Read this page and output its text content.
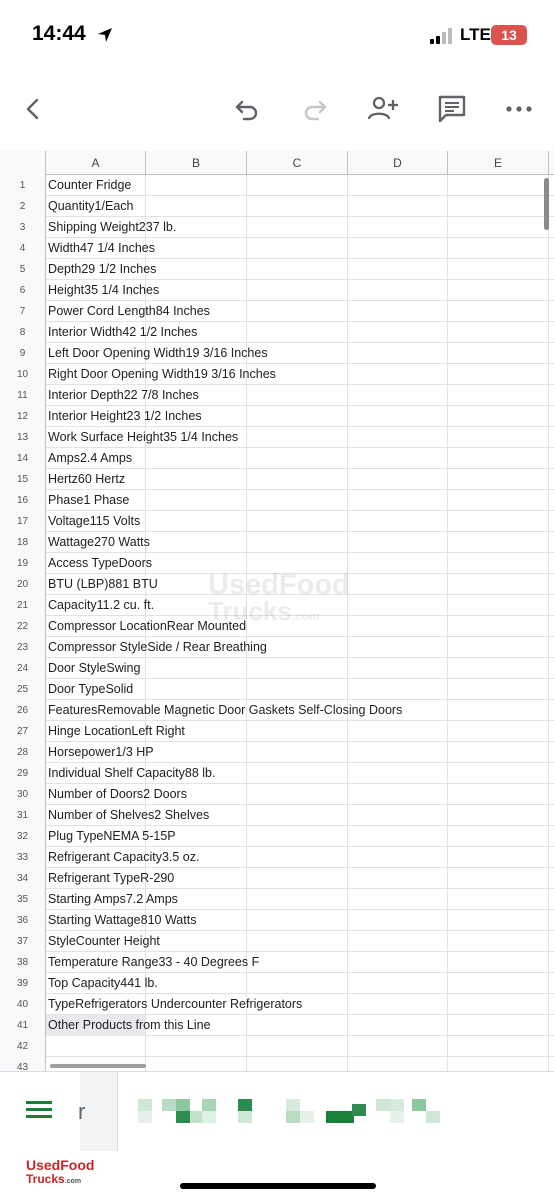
14:44	LTE 13
A	B	C	D	E
1	Counter Fridge
2	Quantity1/Each
3	Shipping Weight237 lb.
4	Width47 1/4 Inches
5	Depth29 1/2 Inches
6	Height35 1/4 Inches
7	Power Cord Length84 Inches
8	Interior Width42 1/2 Inches
9	Left Door Opening Width19 3/16 Inches
10	Right Door Opening Width19 3/16 Inches
11	Interior Depth22 7/8 Inches
12	Interior Height23 1/2 Inches
13	Work Surface Height35 1/4 Inches
14	Amps2.4 Amps
15	Hertz60 Hertz
16	Phase1 Phase
17	Voltage115 Volts
18	Wattage270 Watts
19	Access TypeDoors
20	BTU (LBP)881 BTU
21	Capacity11.2 cu. ft.
22	Compressor LocationRear Mounted
23	Compressor StyleSide / Rear Breathing
24	Door StyleSwing
25	Door TypeSolid
26	FeaturesRemovable Magnetic Door Gaskets Self-Closing Doors
27	Hinge LocationLeft Right
28	Horsepower1/3 HP
29	Individual Shelf Capacity88 lb.
30	Number of Doors2 Doors
31	Number of Shelves2 Shelves
32	Plug TypeNEMA 5-15P
33	Refrigerant Capacity3.5 oz.
34	Refrigerant TypeR-290
35	Starting Amps7.2 Amps
36	Starting Wattage810 Watts
37	StyleCounter Height
38	Temperature Range33 - 40 Degrees F
39	Top Capacity441 lb.
40	TypeRefrigerators Undercounter Refrigerators
41	Other Products from this Line
42
43
UsedFood
Trucks.com
r
UsedFood
Trucks.com
